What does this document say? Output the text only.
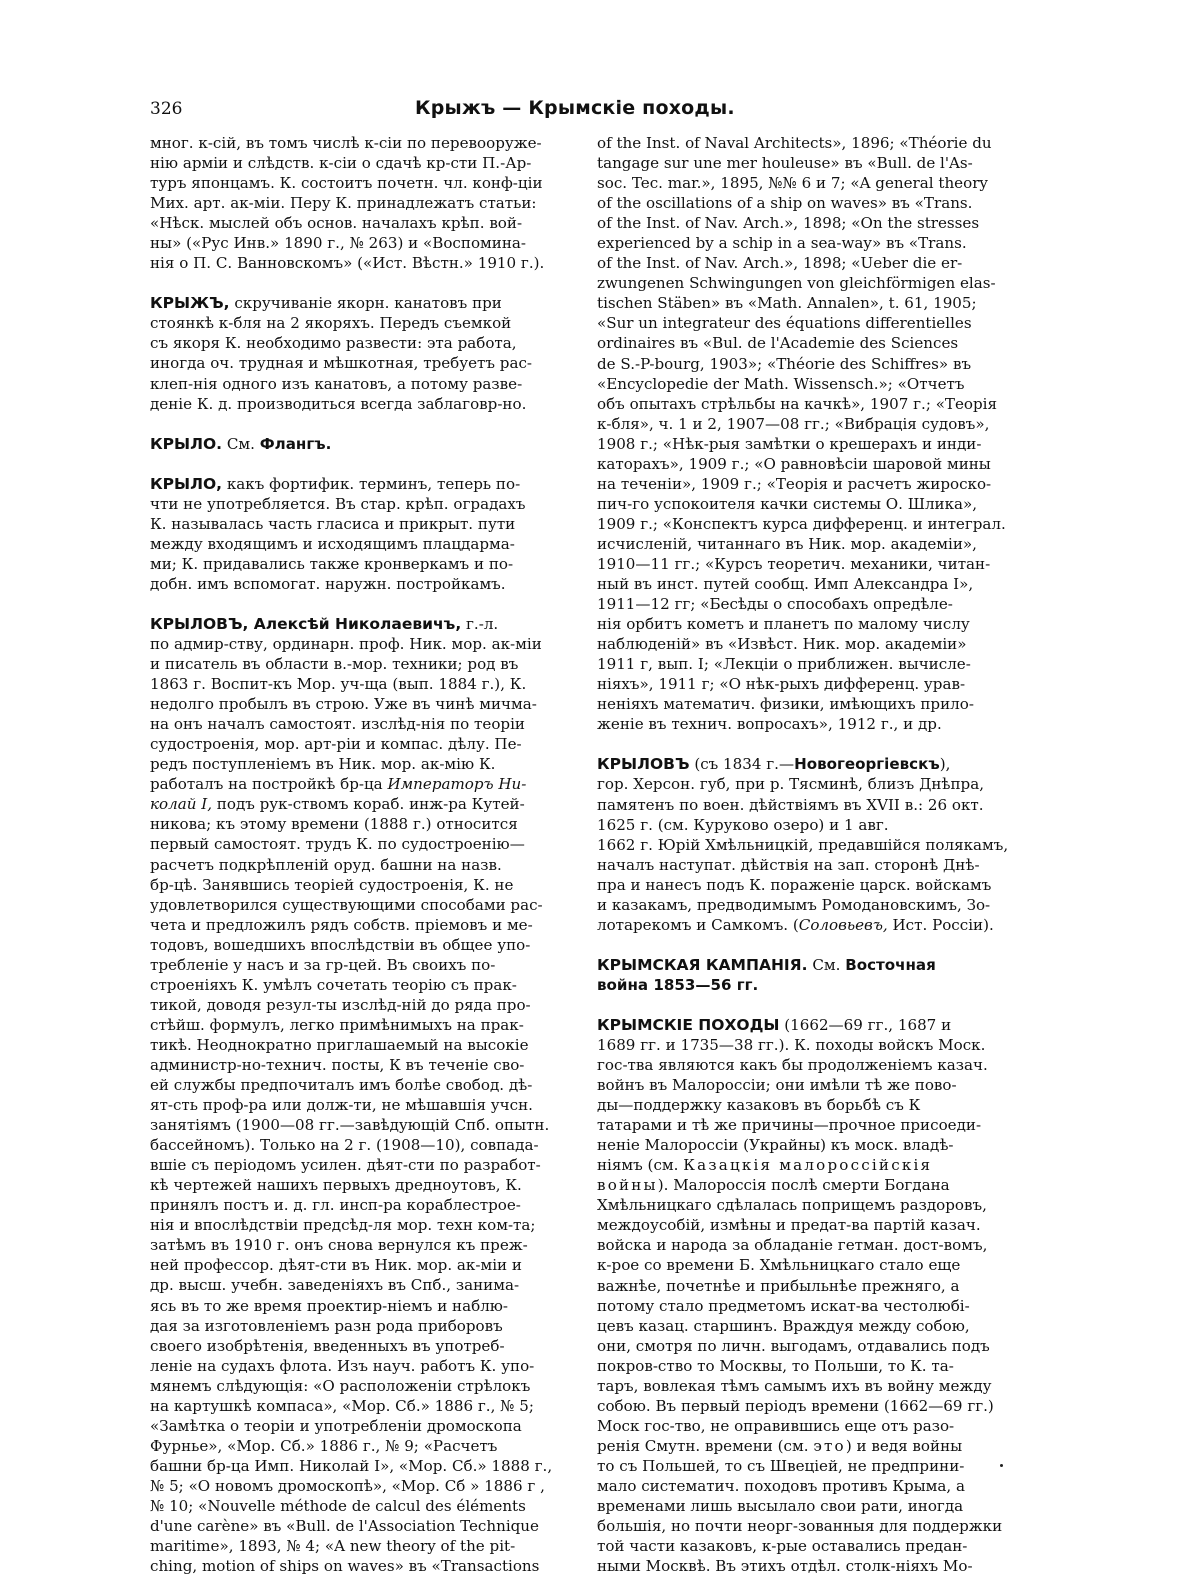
326	Крыжъ — Крымскіе походы.
мног. к-сій, въ томъ числѣ к-сіи по перевооруже-
нію арміи и слѣдств. к-сіи о сдачѣ кр-сти П.-Ар-
туръ японцамъ. К. состоитъ почетн. чл. конф-ціи
Мих. арт. ак-міи. Перу К. принадлежатъ статьи:
«Нѣск. мыслей объ основ. началахъ крѣп. вой-
ны» («Рус Инв.» 1890 г., № 263) и «Воспомина-
нія о П. С. Ванновскомъ» («Ист. Вѣстн.» 1910 г.).
КРЫЖЪ, скручиваніе якорн. канатовъ при
стоянкѣ к-бля на 2 якоряхъ. Передъ съемкой
съ якоря К. необходимо развести: эта работа,
иногда оч. трудная и мѣшкотная, требуетъ рас-
клеп-нія одного изъ канатовъ, а потому разве-
деніе К. д. производиться всегда заблаговр-но.
КРЫЛО. См. Флангъ.
КРЫЛО, какъ фортифик. терминъ, теперь по-
чти не употребляется. Въ стар. крѣп. оградахъ
К. называлась часть гласиса и прикрыт. пути
между входящимъ и исходящимъ плацдарма-
ми; К. придавались также кронверкамъ и по-
добн. имъ вспомогат. наружн. постройкамъ.
КРЫЛОВЪ, Алексѣй Николаевичъ, г.-л.
по адмир-ству, ординарн. проф. Ник. мор. ак-міи
и писатель въ области в.-мор. техники; род въ
1863 г. Воспит-къ Мор. уч-ща (вып. 1884 г.), К.
недолго пробылъ въ строю. Уже въ чинѣ мичма-
на онъ началъ самостоят. изслѣд-нія по теоріи
судостроенія, мор. арт-ріи и компас. дѣлу. Пе-
редъ поступленіемъ въ Ник. мор. ак-мію К.
работалъ на постройкѣ бр-ца Императоръ Ни-
колай I, подъ рук-ствомъ кораб. инж-ра Кутей-
никова; къ этому времени (1888 г.) относится
первый самостоят. трудъ К. по судостроенію—
расчетъ подкрѣпленій оруд. башни на назв.
бр-цѣ. Занявшись теоріей судостроенія, К. не
удовлетворился существующими способами рас-
чета и предложилъ рядъ собств. пріемовъ и ме-
тодовъ, вошедшихъ впослѣдствіи въ общее упо-
требленіе у насъ и за гр-цей. Въ своихъ по-
строеніяхъ К. умѣлъ сочетать теорію съ прак-
тикой, доводя резул-ты изслѣд-ній до ряда про-
стѣйш. формулъ, легко примѣнимыхъ на прак-
тикѣ. Неоднократно приглашаемый на высокіе
администр-но-технич. посты, К въ теченіе сво-
ей службы предпочиталъ имъ болѣе свобод. дѣ-
ят-сть проф-ра или долж-ти, не мѣшавшія учсн.
занятіямъ (1900—08 гг.—завѣдующій Спб. опытн.
бассейномъ). Только на 2 г. (1908—10), совпада-
вшіе съ періодомъ усилен. дѣят-сти по разработ-
кѣ чертежей нашихъ первыхъ дредноутовъ, К.
принялъ постъ и. д. гл. инсп-ра кораблестрое-
нія и впослѣдствіи предсѣд-ля мор. техн ком-та;
затѣмъ въ 1910 г. онъ снова вернулся къ преж-
ней профессор. дѣят-сти въ Ник. мор. ак-міи и
др. высш. учебн. заведеніяхъ въ Спб., занима-
ясь въ то же время проектир-ніемъ и наблю-
дая за изготовленіемъ разн рода приборовъ
своего изобрѣтенія, введенныхъ въ употреб-
леніе на судахъ флота. Изъ науч. работъ К. упо-
мянемъ слѣдующія: «О расположеніи стрѣлокъ
на картушкѣ компаса», «Мор. Сб.» 1886 г., № 5;
«Замѣтка о теоріи и употребленіи дромоскопа
Фурнье», «Мор. Сб.» 1886 г., № 9; «Расчетъ
башни бр-ца Имп. Николай I», «Мор. Сб.» 1888 г.,
№ 5; «О новомъ дромоскопѣ», «Мор. Сб » 1886 г ,
№ 10; «Nouvelle méthode de calcul des éléments
d'une carène» въ «Bull. de l'Association Technique
maritime», 1893, № 4; «A new theory of the pit-
ching, motion of ships on waves» въ «Transactions
of the Inst. of Naval Architects», 1896; «Théorie du
tangage sur une mer houleuse» въ «Bull. de l'As-
soc. Tec. mar.», 1895, №№ 6 и 7; «A general theory
of the oscillations of a ship on waves» въ «Trans.
of the Inst. of Nav. Arch.», 1898; «On the stresses
experienced by a schip in a sea-way» въ «Trans.
of the Inst. of Nav. Arch.», 1898; «Ueber die er-
zwungenen Schwingungen von gleichförmigen elas-
tischen Stäben» въ «Math. Annalen», t. 61, 1905;
«Sur un integrateur des équations differentielles
ordinaires въ «Bul. de l'Academie des Sciences
de S.-P-bourg, 1903»; «Théorie des Schiffres» въ
«Encyclopedie der Math. Wissensch.»; «Отчетъ
объ опытахъ стрѣльбы на качкѣ», 1907 г.; «Теорія
к-бля», ч. 1 и 2, 1907—08 гг.; «Вибрація судовъ»,
1908 г.; «Нѣк-рыя замѣтки о крешерахъ и инди-
каторахъ», 1909 г.; «О равновѣсіи шаровой мины
на теченіи», 1909 г.; «Теорія и расчетъ жироско-
пич-го успокоителя качки системы О. Шлика»,
1909 г.; «Конспектъ курса дифференц. и интеграл.
исчисленій, читаннаго въ Ник. мор. академіи»,
1910—11 гг.; «Курсъ теоретич. механики, читан-
ный въ инст. путей сообщ. Имп Александра I»,
1911—12 гг; «Бесѣды о способахъ опредѣле-
нія орбитъ кометъ и планетъ по малому числу
наблюденій» въ «Извѣст. Ник. мор. академіи»
1911 г, вып. I; «Лекціи о приближен. вычисле-
ніяхъ», 1911 г; «О нѣк-рыхъ дифференц. урав-
неніяхъ математич. физики, имѣющихъ прило-
женіе въ технич. вопросахъ», 1912 г., и др.
КРЫЛОВЪ (съ 1834 г.—Новогеоргіевскъ),
гор. Херсон. губ, при р. Тясминѣ, близъ Днѣпра,
памятенъ по воен. дѣйствіямъ въ XVII в.: 26 окт.
1625 г. (см. Куруково озеро) и 1 авг.
1662 г. Юрій Хмѣльницкій, предавшійся полякамъ,
началъ наступат. дѣйствія на зап. сторонѣ Днѣ-
пра и нанесъ подъ К. пораженіе царск. войскамъ
и казакамъ, предводимымъ Ромодановскимъ, Зо-
лотарекомъ и Самкомъ. (Соловьевъ, Ист. Россіи).
КРЫМСКАЯ КАМПАНІЯ. См. Восточная
война 1853—56 гг.
КРЫМСКІЕ ПОХОДЫ (1662—69 гг., 1687 и
1689 гг. и 1735—38 гг.). К. походы войскъ Моск.
гос-тва являются какъ бы продолженіемъ казач.
войнъ въ Малороссіи; они имѣли тѣ же пово-
ды—поддержку казаковъ въ борьбѣ съ К
татарами и тѣ же причины—прочное присоеди-
неніе Малороссіи (Украйны) къ моск. владѣ-
ніямъ (см. Казацкія малороссійскія
войны). Малороссія послѣ смерти Богдана
Хмѣльницкаго сдѣлалась поприщемъ раздоровъ,
междоусобій, измѣны и предат-ва партій казач.
войска и народа за обладаніе гетман. дост-вомъ,
к-рое со времени Б. Хмѣльницкаго стало еще
важнѣе, почетнѣе и прибыльнѣе прежняго, а
потому стало предметомъ искат-ва честолюбі-
цевъ казац. старшинъ. Враждуя между собою,
они, смотря по личн. выгодамъ, отдавались подъ
покров-ство то Москвы, то Польши, то К. та-
таръ, вовлекая тѣмъ самымъ ихъ въ войну между
собою. Въ первый періодъ времени (1662—69 гг.)
Моск гос-тво, не оправившись еще отъ разо-
ренія Смутн. времени (см. это) и ведя войны
то съ Польшей, то съ Швеціей, не предприни-
мало систематич. походовъ противъ Крыма, а
временами лишь высылало свои рати, иногда
большія, но почти неорг-зованныя для поддержки
той части казаковъ, к-рые оставались предан-
ными Москвѣ. Въ этихъ отдѣл. столк-ніяхъ Мо-
